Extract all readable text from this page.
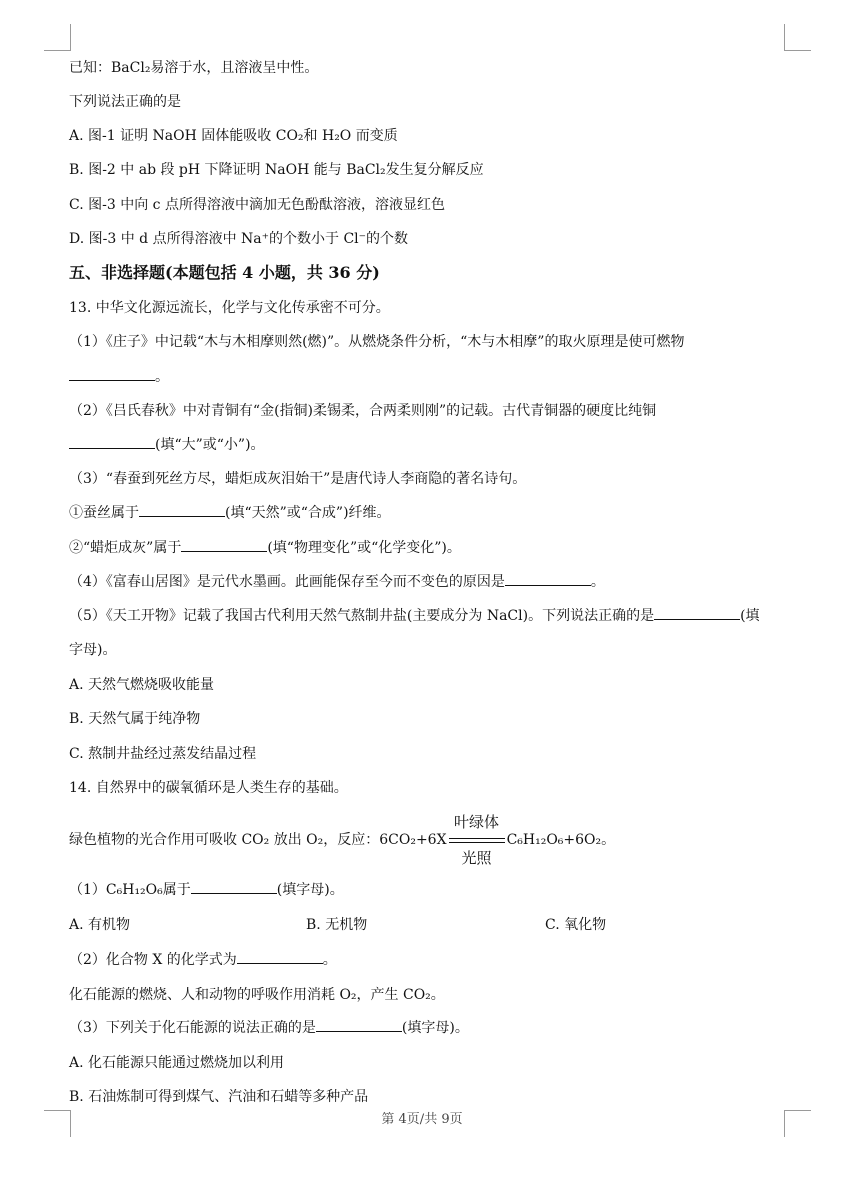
已知：BaCl₂易溶于水，且溶液呈中性。
下列说法正确的是
A. 图-1 证明 NaOH 固体能吸收 CO₂和 H₂O 而变质
B. 图-2 中 ab 段 pH 下降证明 NaOH 能与 BaCl₂发生复分解反应
C. 图-3 中向 c 点所得溶液中滴加无色酚酞溶液，溶液显红色
D. 图-3 中 d 点所得溶液中 Na⁺的个数小于 Cl⁻的个数
五、非选择题(本题包括 4 小题，共 36 分)
13. 中华文化源远流长，化学与文化传承密不可分。
（1）《庄子》中记载“木与木相摩则然(燃)”。从燃烧条件分析，“木与木相摩”的取火原理是使可燃物
。
（2）《吕氏春秋》中对青铜有“金(指铜)柔锡柔，合两柔则刚”的记载。古代青铜器的硬度比纯铜
(填“大”或“小”)。
（3）“春蚕到死丝方尽，蜡炬成灰泪始干”是唐代诗人李商隐的著名诗句。
①蚕丝属于	(填“天然”或“合成”)纤维。
②“蜡炬成灰”属于	(填“物理变化”或“化学变化”)。
（4）《富春山居图》是元代水墨画。此画能保存至今而不变色的原因是	。
（5）《天工开物》记载了我国古代利用天然气熬制井盐(主要成分为 NaCl)。下列说法正确的是	(填
字母)。
A. 天然气燃烧吸收能量
B. 天然气属于纯净物
C. 熬制井盐经过蒸发结晶过程
14. 自然界中的碳氧循环是人类生存的基础。
绿色植物的光合作用可吸收 CO₂ 放出 O₂，反应：$6CO_2+6X \frac{\text{叶绿体}}{\text{光照}} C_6H_{12}O_6+6O_2$。
（1）C₆H₁₂O₆属于	(填字母)。
A. 有机物	B. 无机物	C. 氧化物
（2）化合物 X 的化学式为	。
化石能源的燃烧、人和动物的呼吸作用消耗 O₂，产生 CO₂。
（3）下列关于化石能源的说法正确的是	(填字母)。
A. 化石能源只能通过燃烧加以利用
B. 石油炼制可得到煤气、汽油和石蜡等多种产品
第 4页/共 9页
